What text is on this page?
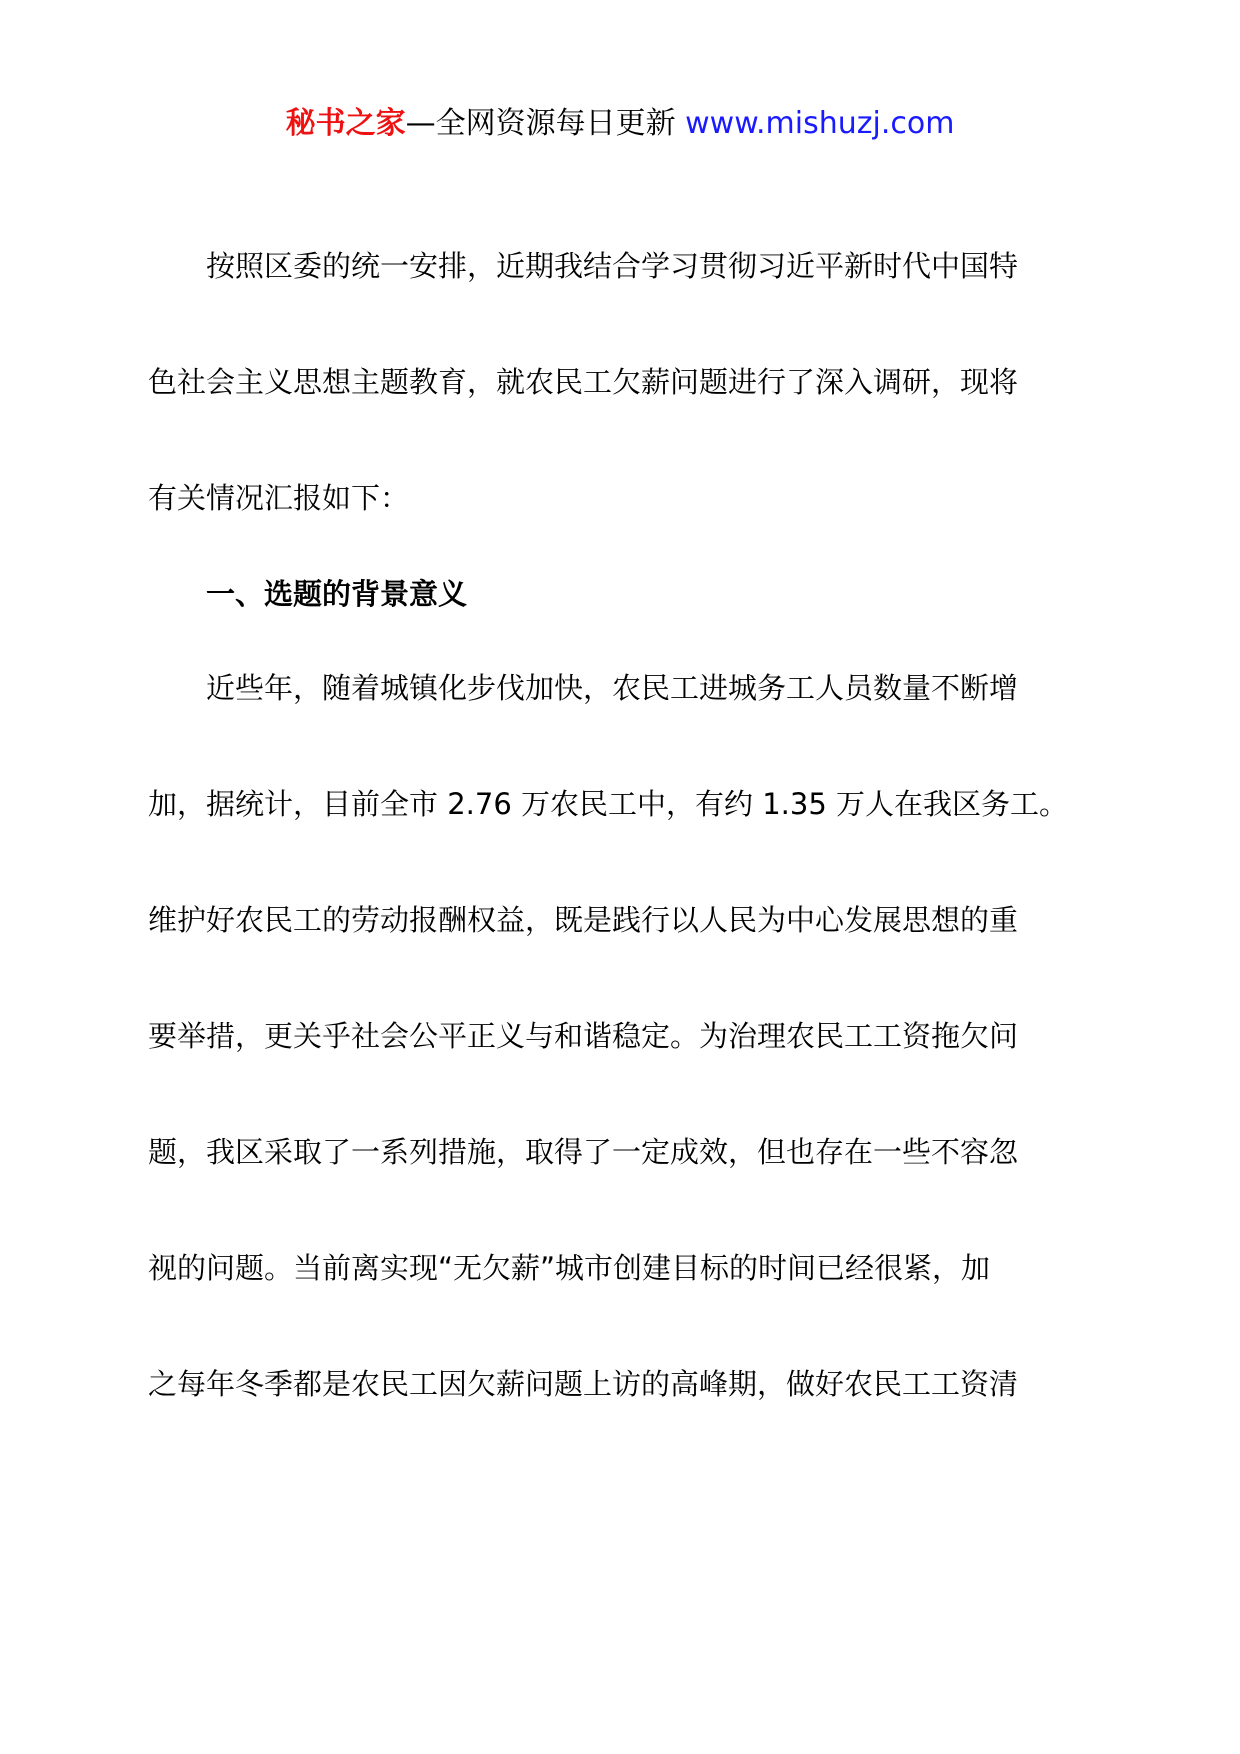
秘书之家—全网资源每日更新 www.mishuzj.com
按照区委的统一安排，近期我结合学习贯彻习近平新时代中国特
色社会主义思想主题教育，就农民工欠薪问题进行了深入调研，现将
有关情况汇报如下：
一、选题的背景意义
近些年，随着城镇化步伐加快，农民工进城务工人员数量不断增
加，据统计，目前全市 2.76 万农民工中，有约 1.35 万人在我区务工。
维护好农民工的劳动报酬权益，既是践行以人民为中心发展思想的重
要举措，更关乎社会公平正义与和谐稳定。为治理农民工工资拖欠问
题，我区采取了一系列措施，取得了一定成效，但也存在一些不容忽
视的问题。当前离实现“无欠薪”城市创建目标的时间已经很紧，加
之每年冬季都是农民工因欠薪问题上访的高峰期，做好农民工工资清
